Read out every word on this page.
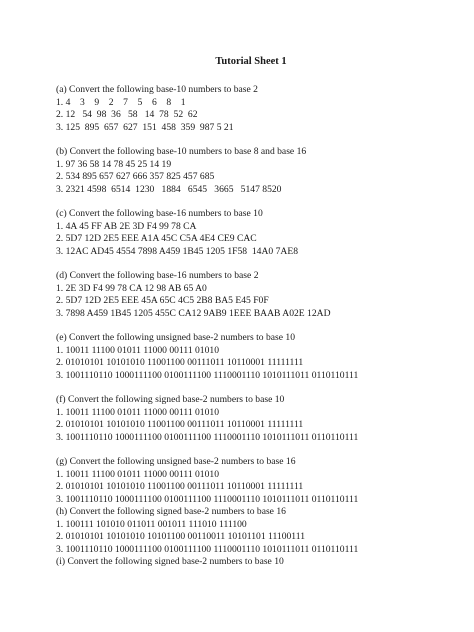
Tutorial Sheet 1
(a) Convert the following base-10 numbers to base 2
1. 4    3    9    2    7    5    6    8    1
2. 12   54  98  36   58   14  78  52  62
3. 125  895  657  627  151  458  359  987 5 21
(b) Convert the following base-10 numbers to base 8 and base 16
1. 97 36 58 14 78 45 25 14 19
2. 534 895 657 627 666 357 825 457 685
3. 2321 4598  6514  1230   1884   6545   3665   5147 8520
(c) Convert the following base-16 numbers to base 10
1. 4A 45 FF AB 2E 3D F4 99 78 CA
2. 5D7 12D 2E5 EEE A1A 45C C5A 4E4 CE9 CAC
3. 12AC AD45 4554 7898 A459 1B45 1205 1F58  14A0 7AE8
(d) Convert the following base-16 numbers to base 2
1. 2E 3D F4 99 78 CA 12 98 AB 65 A0
2. 5D7 12D 2E5 EEE 45A 65C 4C5 2B8 BA5 E45 F0F
3. 7898 A459 1B45 1205 455C CA12 9AB9 1EEE BAAB A02E 12AD
(e) Convert the following unsigned base-2 numbers to base 10
1. 10011 11100 01011 11000 00111 01010
2. 01010101 10101010 11001100 00111011 10110001 11111111
3. 1001110110 1000111100 0100111100 1110001110 1010111011 0110110111
(f) Convert the following signed base-2 numbers to base 10
1. 10011 11100 01011 11000 00111 01010
2. 01010101 10101010 11001100 00111011 10110001 11111111
3. 1001110110 1000111100 0100111100 1110001110 1010111011 0110110111
(g) Convert the following unsigned base-2 numbers to base 16
1. 10011 11100 01011 11000 00111 01010
2. 01010101 10101010 11001100 00111011 10110001 11111111
3. 1001110110 1000111100 0100111100 1110001110 1010111011 0110110111
(h) Convert the following signed base-2 numbers to base 16
1. 100111 101010 011011 001011 111010 111100
2. 01010101 10101010 10101100 00110011 10101101 11100111
3. 1001110110 1000111100 0100111100 1110001110 1010111011 0110110111
(i) Convert the following signed base-2 numbers to base 10
